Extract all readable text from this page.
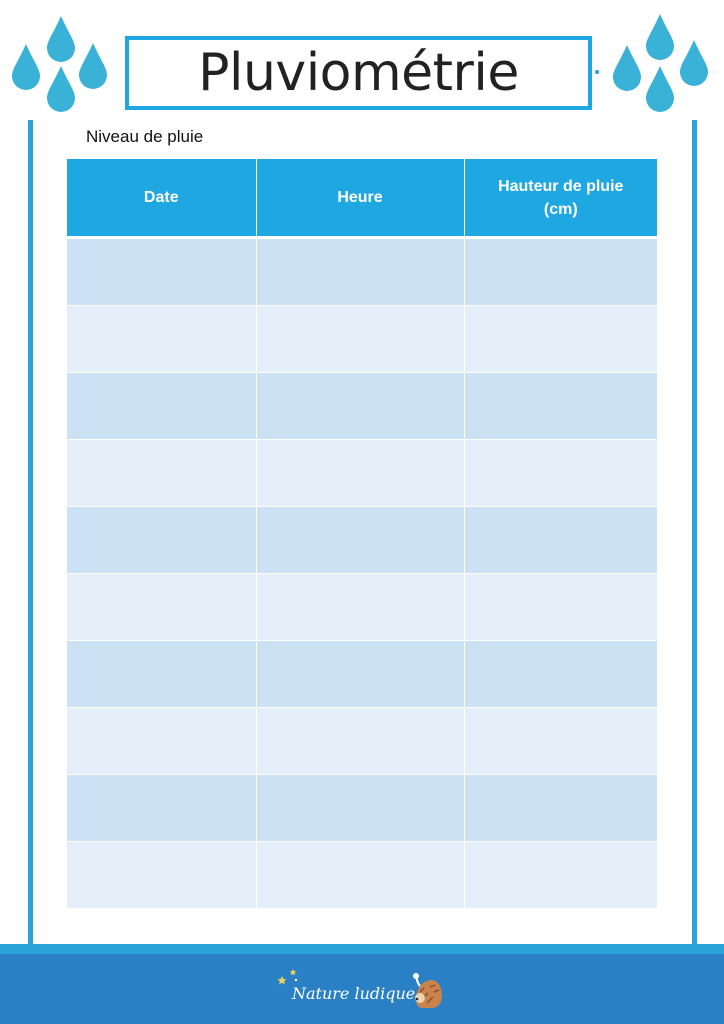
Pluviométrie
Niveau de pluie
Date	Heure	Hauteur de pluie (cm)

Nature ludique
